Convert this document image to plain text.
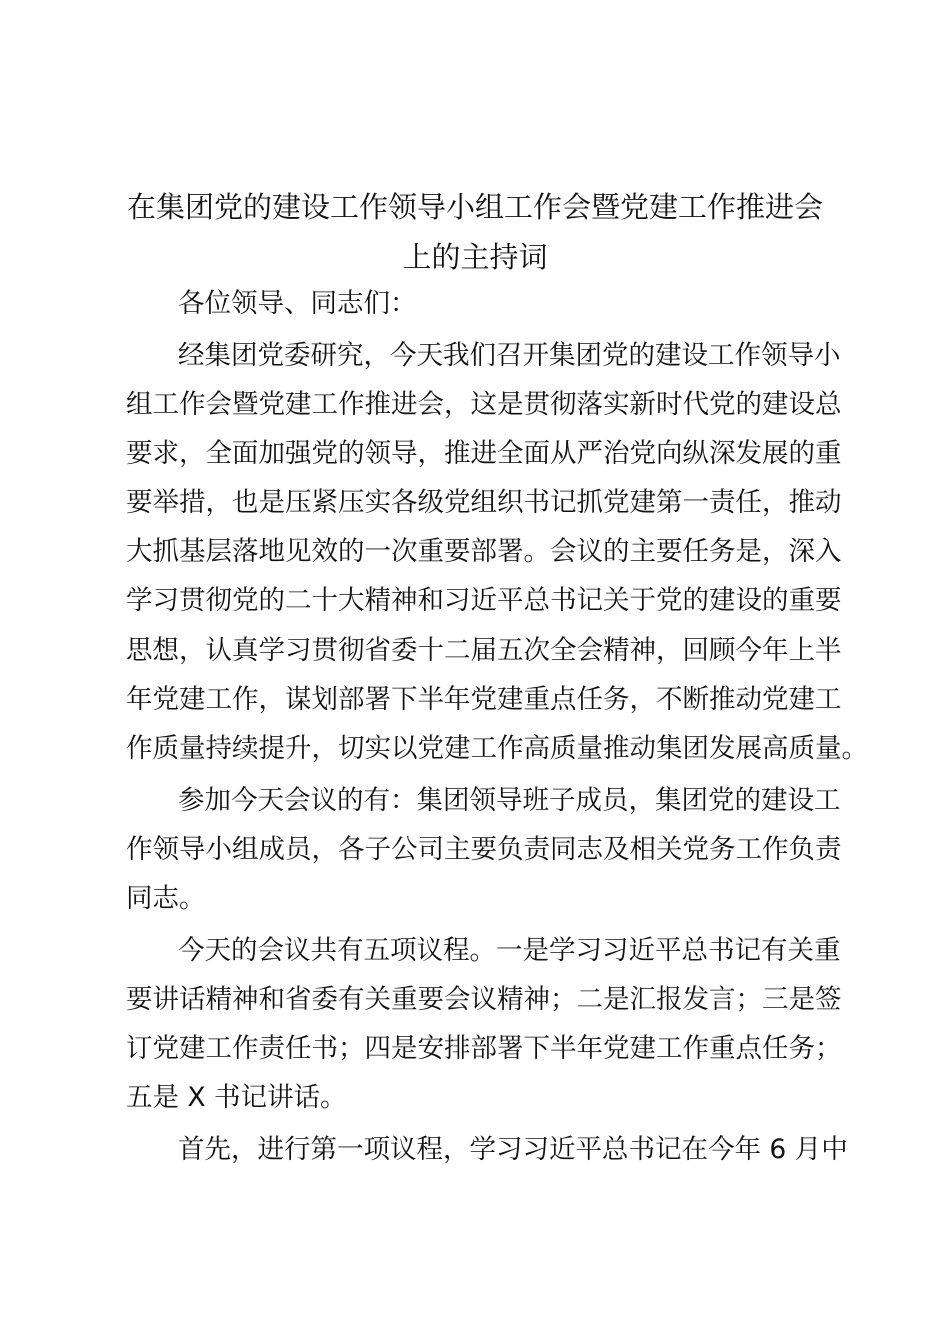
在集团党的建设工作领导小组工作会暨党建工作推进会
上的主持词
各位领导、同志们：
经集团党委研究，今天我们召开集团党的建设工作领导小
组工作会暨党建工作推进会，这是贯彻落实新时代党的建设总
要求，全面加强党的领导，推进全面从严治党向纵深发展的重
要举措，也是压紧压实各级党组织书记抓党建第一责任，推动
大抓基层落地见效的一次重要部署。会议的主要任务是，深入
学习贯彻党的二十大精神和习近平总书记关于党的建设的重要
思想，认真学习贯彻省委十二届五次全会精神，回顾今年上半
年党建工作，谋划部署下半年党建重点任务，不断推动党建工
作质量持续提升，切实以党建工作高质量推动集团发展高质量。
参加今天会议的有：集团领导班子成员，集团党的建设工
作领导小组成员，各子公司主要负责同志及相关党务工作负责
同志。
今天的会议共有五项议程。一是学习习近平总书记有关重
要讲话精神和省委有关重要会议精神；二是汇报发言；三是签
订党建工作责任书；四是安排部署下半年党建工作重点任务；
五是 X 书记讲话。
首先，进行第一项议程，学习习近平总书记在今年 6 月中
